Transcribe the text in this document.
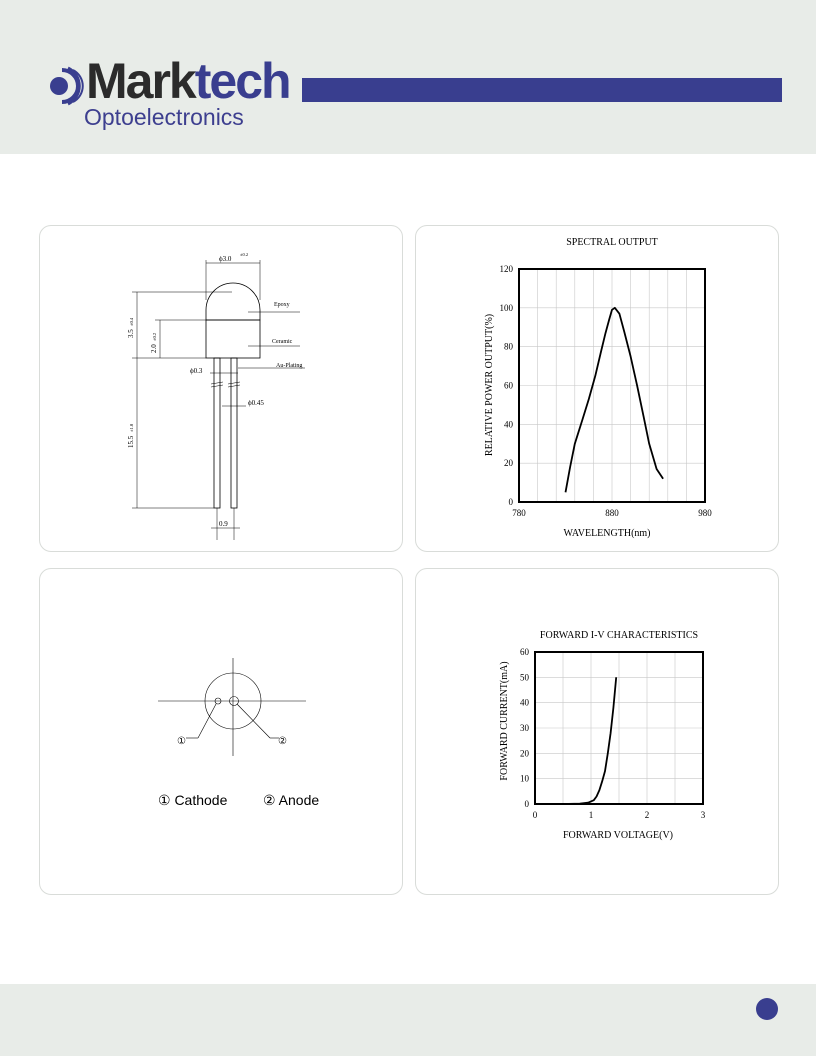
Marktech
Optoelectronics
ϕ3.0
±0.2
3.5
±0.4
2.0
±0.2
ϕ0.3
ϕ0.45
15.5
±1.0
0.9
Epoxy
Ceramic
Au-Plating
①	②
① Cathode	② Anode
SPECTRAL OUTPUT
WAVELENGTH(nm)
RELATIVE POWER OUTPUT(%)
780	880	980
0
20
40
60
80
100
120
FORWARD I-V CHARACTERISTICS
FORWARD VOLTAGE(V)
FORWARD CURRENT(mA)
0	1	2	3
0
10
20
30
40
50
60
